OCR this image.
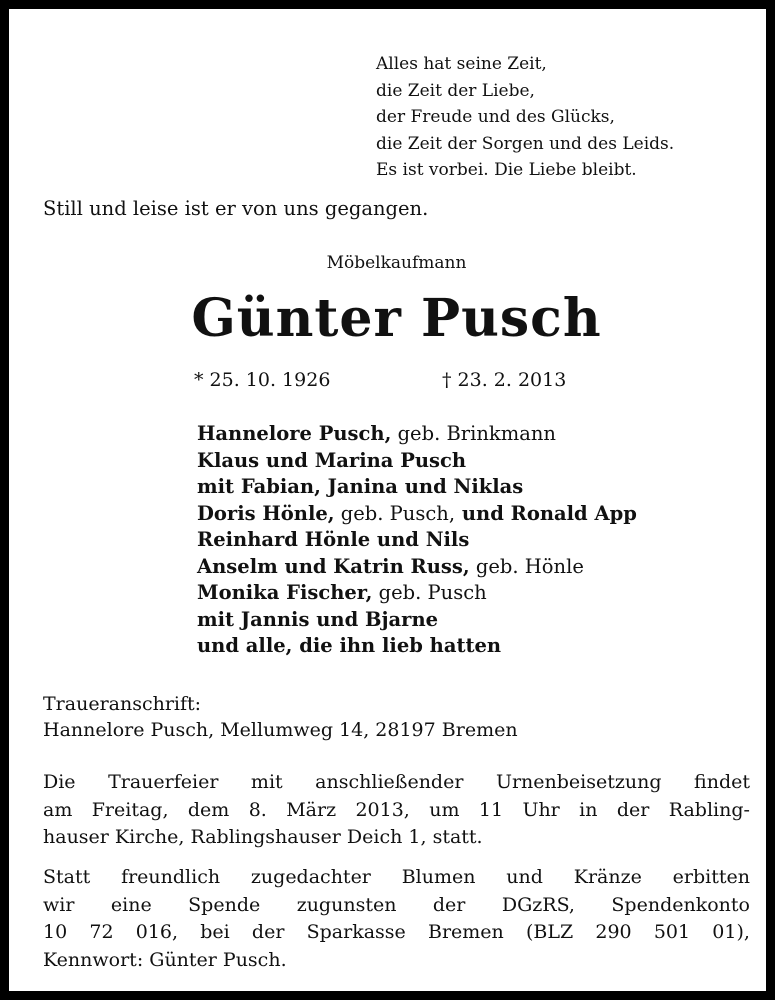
Alles hat seine Zeit,
die Zeit der Liebe,
der Freude und des Glücks,
die Zeit der Sorgen und des Leids.
Es ist vorbei. Die Liebe bleibt.
Still und leise ist er von uns gegangen.
Möbelkaufmann
Günter Pusch
* 25. 10. 1926	† 23. 2. 2013
Hannelore Pusch, geb. Brinkmann
Klaus und Marina Pusch
mit Fabian, Janina und Niklas
Doris Hönle, geb. Pusch, und Ronald App
Reinhard Hönle und Nils
Anselm und Katrin Russ, geb. Hönle
Monika Fischer, geb. Pusch
mit Jannis und Bjarne
und alle, die ihn lieb hatten
Traueranschrift:
Hannelore Pusch, Mellumweg 14, 28197 Bremen
Die Trauerfeier mit anschließender Urnenbeisetzung findet
am Freitag, dem 8. März 2013, um 11 Uhr in der Rabling-
hauser Kirche, Rablingshauser Deich 1, statt.
Statt freundlich zugedachter Blumen und Kränze erbitten
wir eine Spende zugunsten der DGzRS, Spendenkonto
10 72 016, bei der Sparkasse Bremen (BLZ 290 501 01),
Kennwort: Günter Pusch.
